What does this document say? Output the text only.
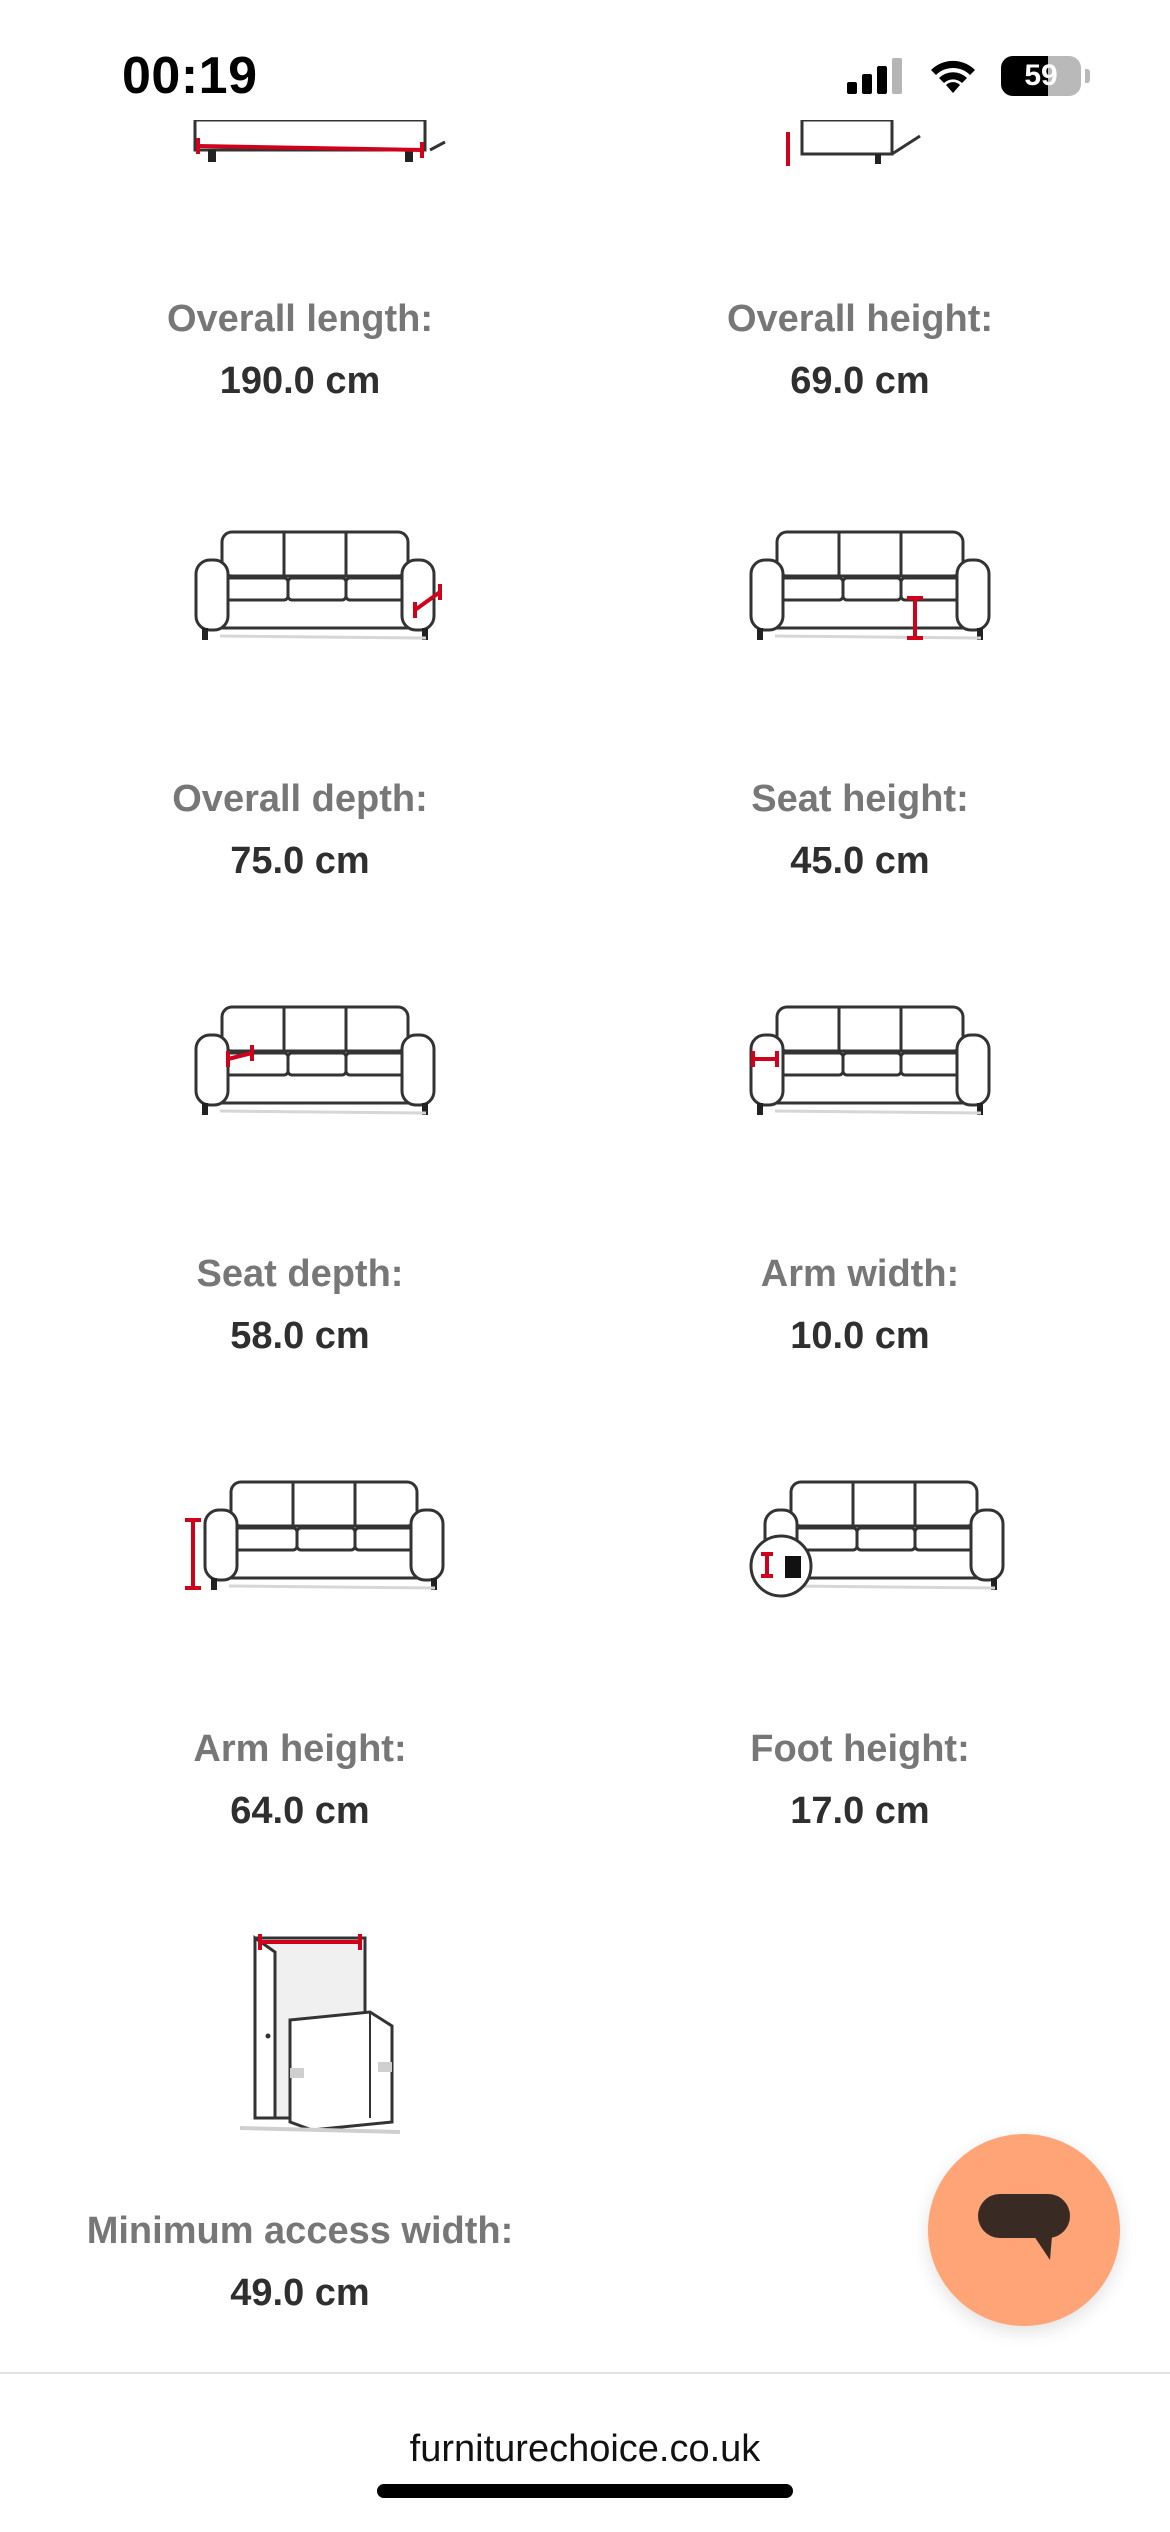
00:19	59
Overall length:
190.0 cm
Overall height:
69.0 cm
Overall depth:
75.0 cm
Seat height:
45.0 cm
Seat depth:
58.0 cm
Arm width:
10.0 cm
Arm height:
64.0 cm
Foot height:
17.0 cm
Minimum access width:
49.0 cm
furniturechoice.co.uk
